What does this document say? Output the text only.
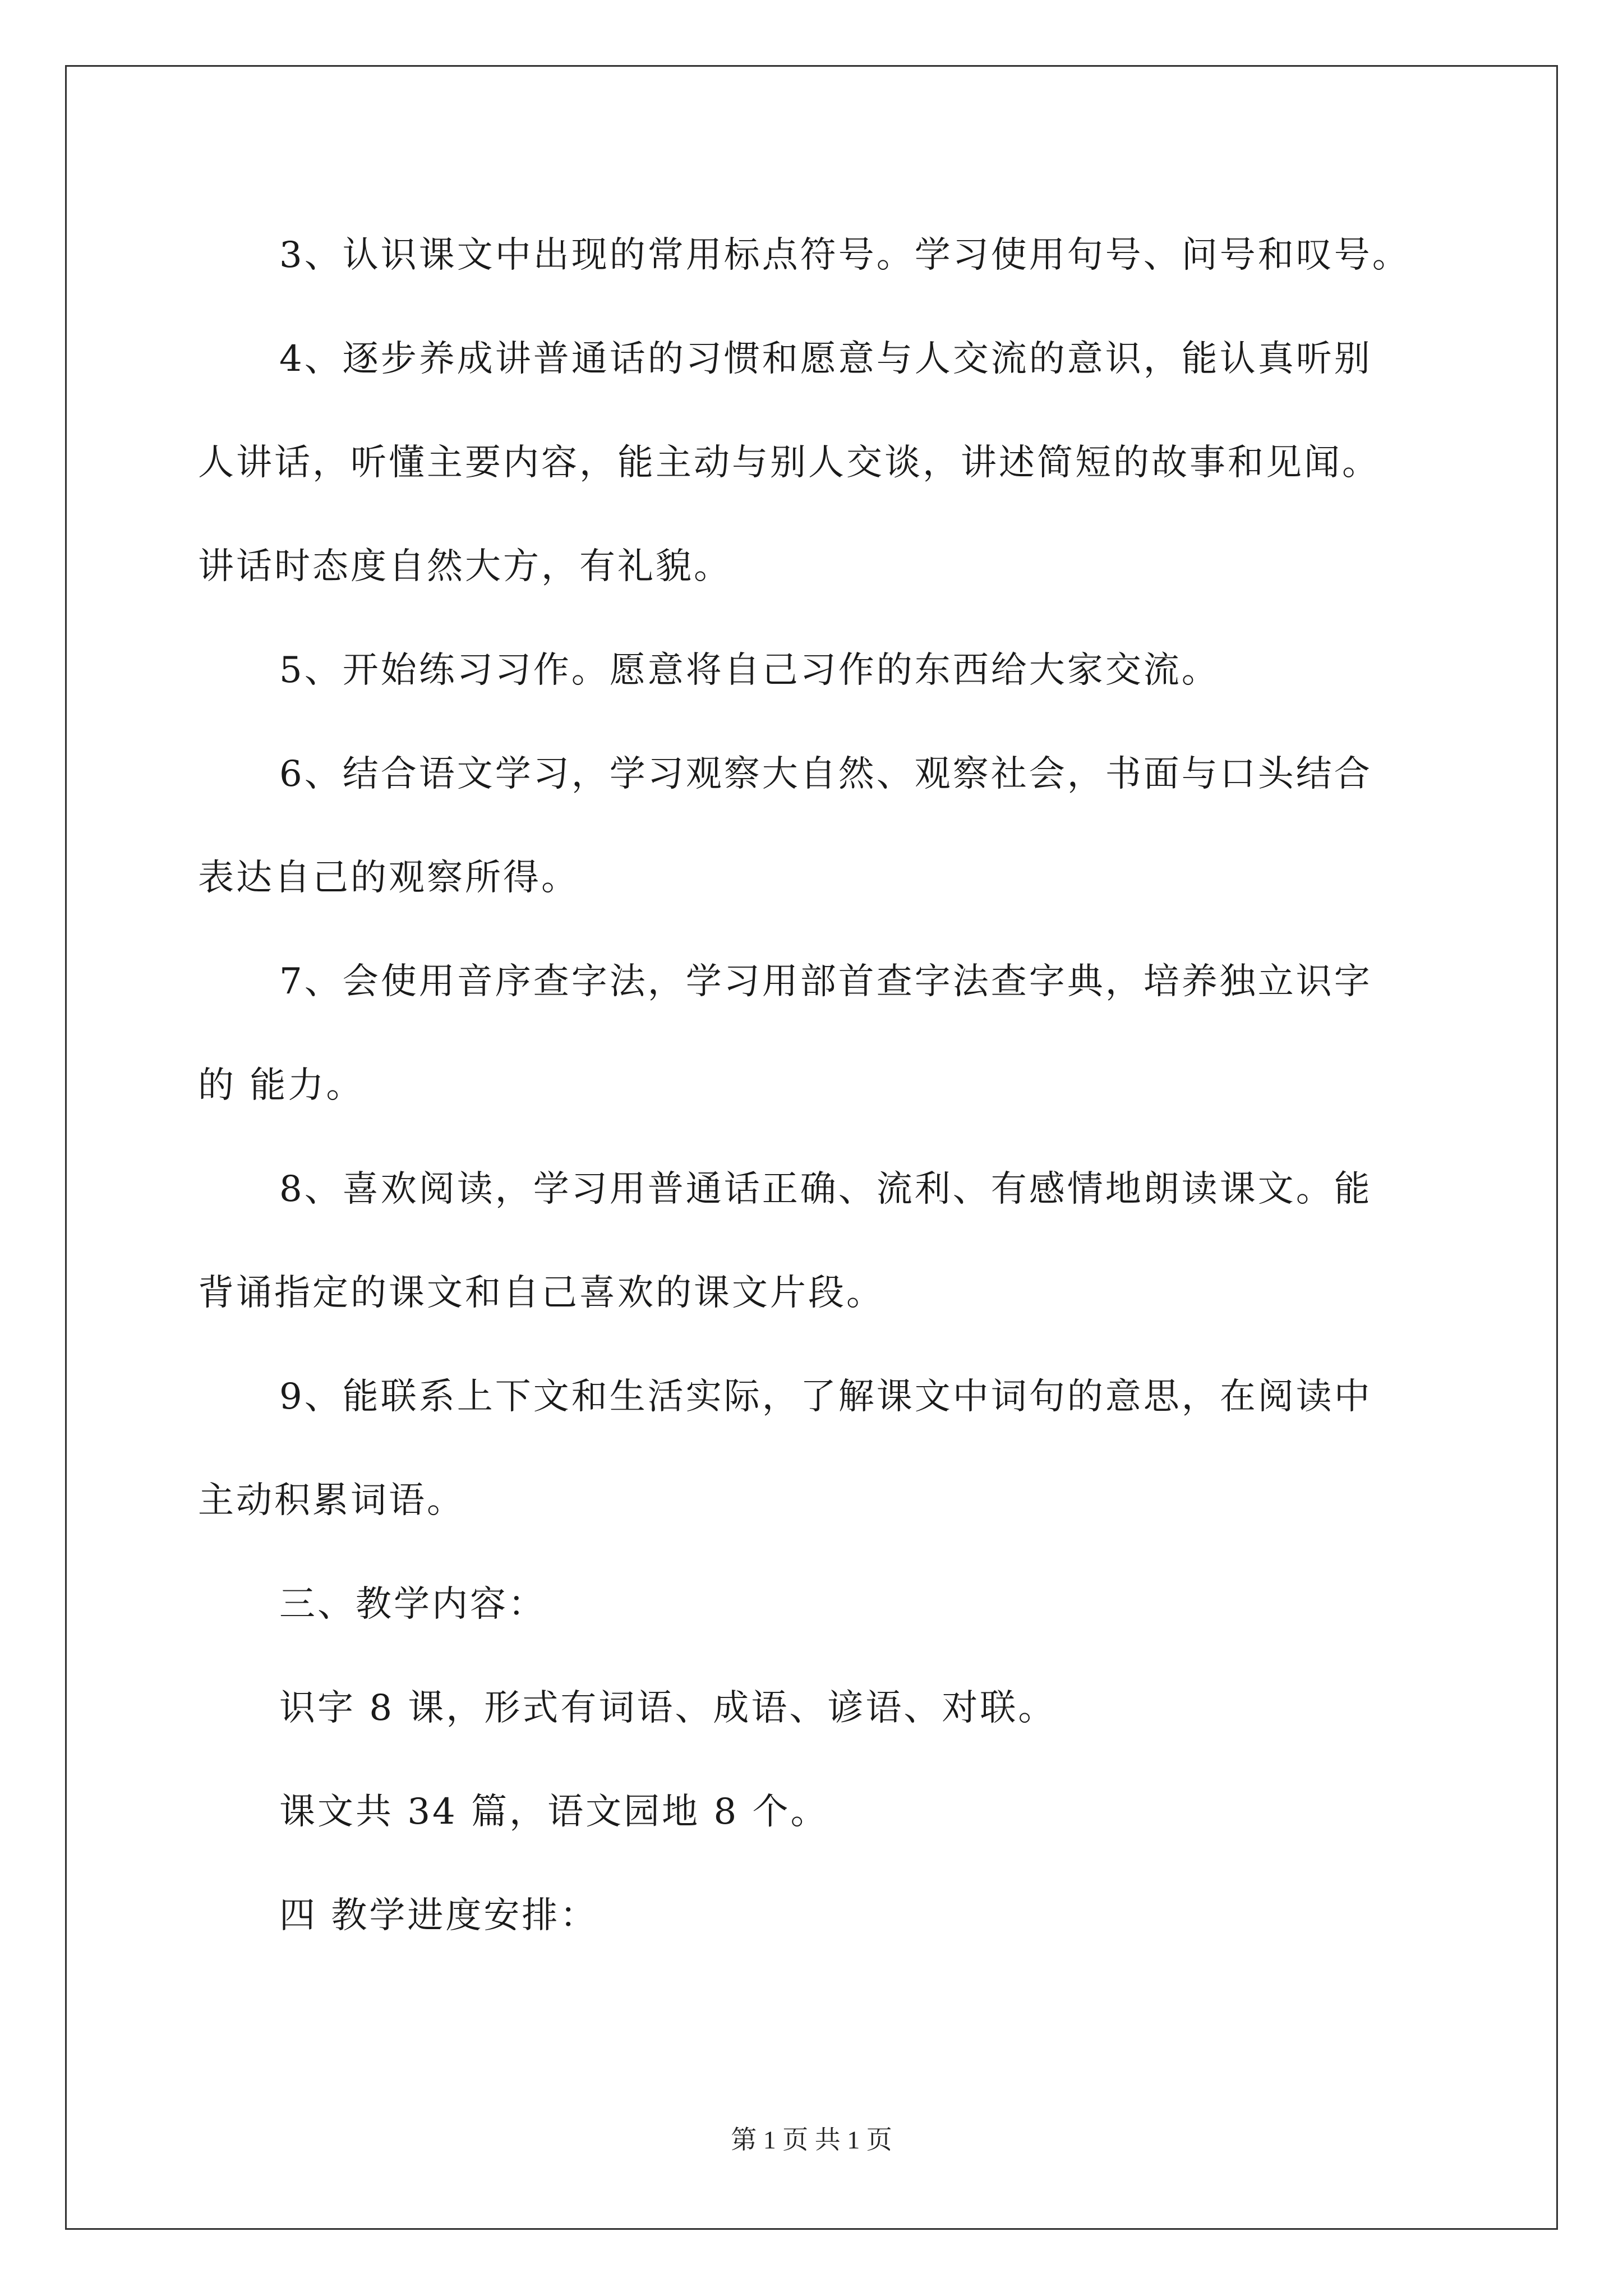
3、认识课文中出现的常用标点符号。学习使用句号、问号和叹号。
4、逐步养成讲普通话的习惯和愿意与人交流的意识，能认真听别
人讲话，听懂主要内容，能主动与别人交谈，讲述简短的故事和见闻。
讲话时态度自然大方，有礼貌。
5、开始练习习作。愿意将自己习作的东西给大家交流。
6、结合语文学习，学习观察大自然、观察社会，书面与口头结合
表达自己的观察所得。
7、会使用音序查字法，学习用部首查字法查字典，培养独立识字
的 能力。
8、喜欢阅读，学习用普通话正确、流利、有感情地朗读课文。能
背诵指定的课文和自己喜欢的课文片段。
9、能联系上下文和生活实际，了解课文中词句的意思，在阅读中
主动积累词语。
三、教学内容：
识字 8 课，形式有词语、成语、谚语、对联。
课文共 34 篇，语文园地 8 个。
四 教学进度安排：
第 1 页 共 1 页
